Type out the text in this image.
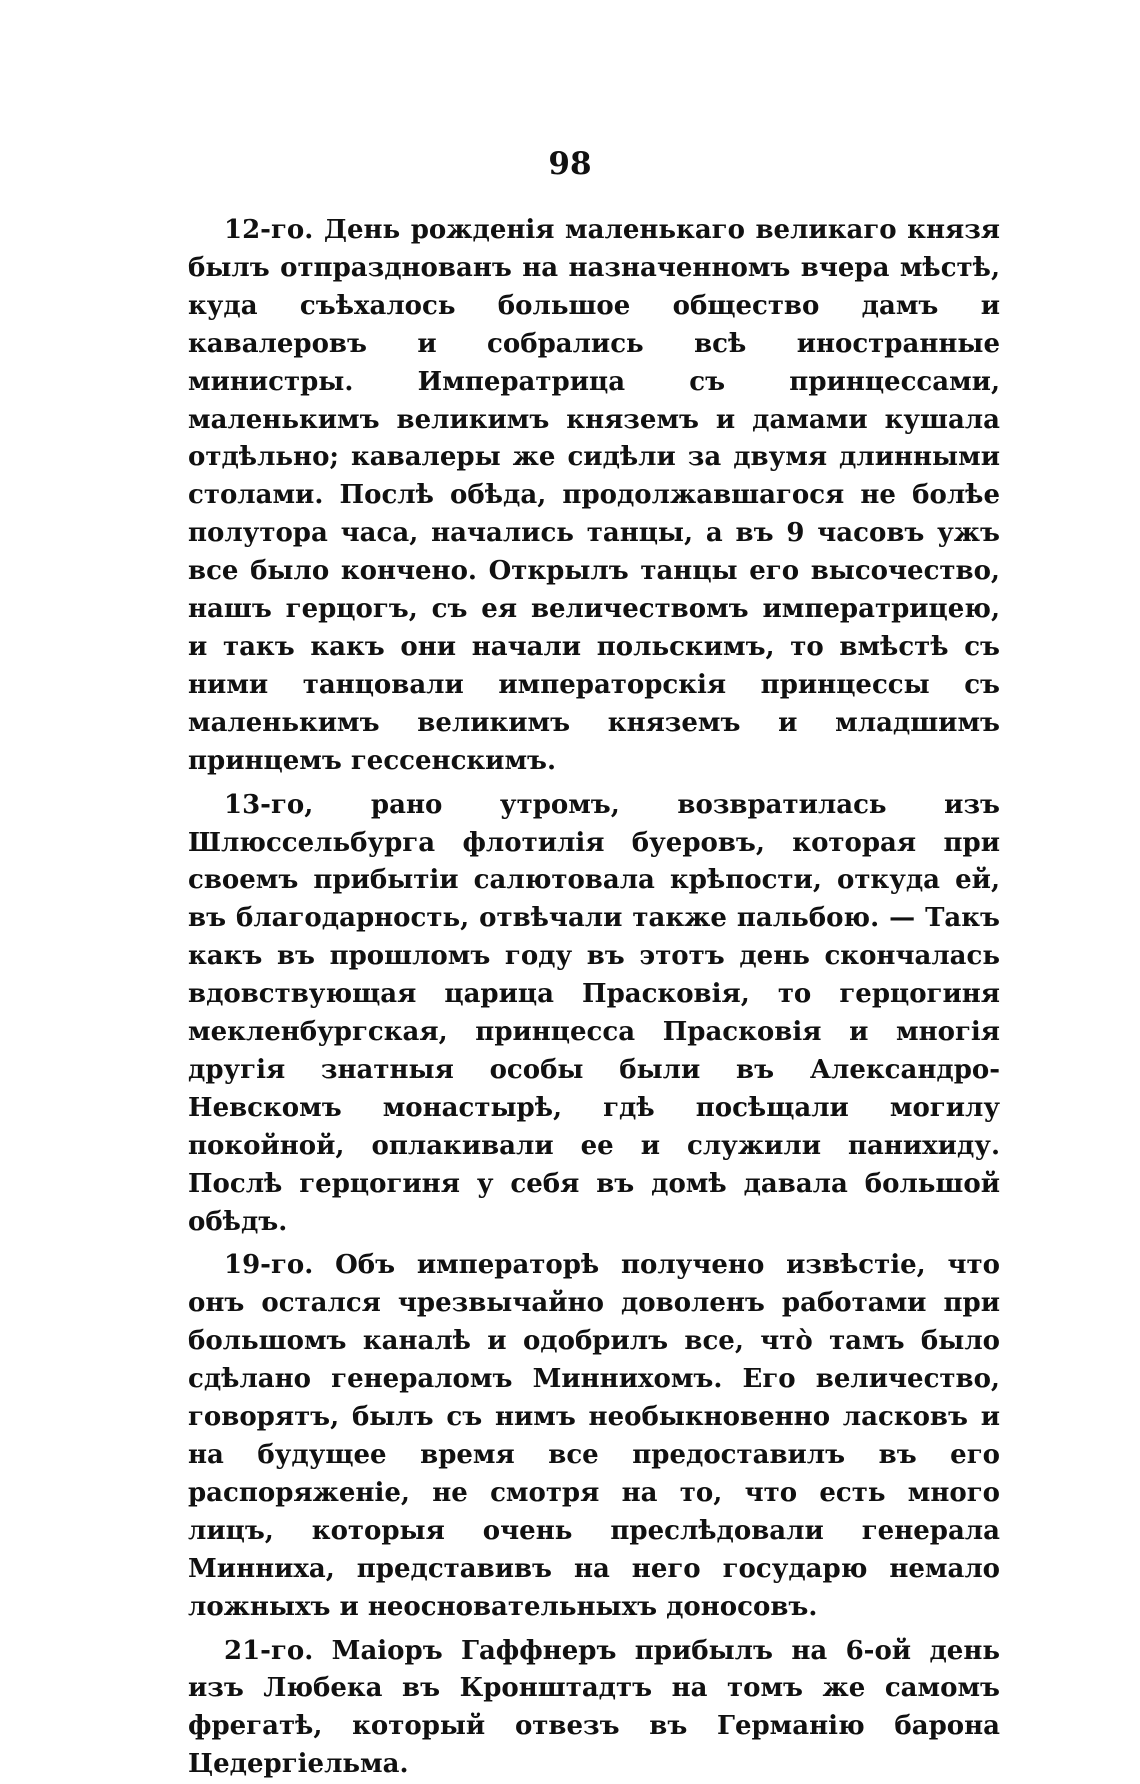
98

12-го. День рожденія маленькаго великаго князя былъ отпразднованъ на назначенномъ вчера мѣстѣ, куда съѣхалось большое общество дамъ и кавалеровъ и собрались всѣ иностранные министры. Императрица съ принцессами, маленькимъ великимъ княземъ и дамами кушала отдѣльно; кавалеры же сидѣли за двумя длинными столами. Послѣ обѣда, продолжавшагося не болѣе полутора часа, начались танцы, а въ 9 часовъ ужъ все было кончено. Открылъ танцы его высочество, нашъ герцогъ, съ ея величествомъ императрицею, и такъ какъ они начали польскимъ, то вмѣстѣ съ ними танцовали императорскія принцессы съ маленькимъ великимъ княземъ и младшимъ принцемъ гессенскимъ.

13-го, рано утромъ, возвратилась изъ Шлюссельбурга флотилія буеровъ, которая при своемъ прибытіи салютовала крѣпости, откуда ей, въ благодарность, отвѣчали также пальбою. — Такъ какъ въ прошломъ году въ этотъ день скончалась вдовствующая царица Прасковія, то герцогиня мекленбургская, принцесса Прасковія и многія другія знатныя особы были въ Александро-Невскомъ монастырѣ, гдѣ посѣщали могилу покойной, оплакивали ее и служили панихиду. Послѣ герцогиня у себя въ домѣ давала большой обѣдъ.

19-го. Объ императорѣ получено извѣстіе, что онъ остался чрезвычайно доволенъ работами при большомъ каналѣ и одобрилъ все, чтò тамъ было сдѣлано генераломъ Миннихомъ. Его величество, говорятъ, былъ съ нимъ необыкновенно ласковъ и на будущее время все предоставилъ въ его распоряженіе, не смотря на то, что есть много лицъ, которыя очень преслѣдовали генерала Минниха, представивъ на него государю немало ложныхъ и неосновательныхъ доносовъ.

21-го. Маіоръ Гаффнеръ прибылъ на 6-ой день изъ Любека въ Кронштадтъ на томъ же самомъ фрегатѣ, который отвезъ въ Германію барона Цедергіельма.
